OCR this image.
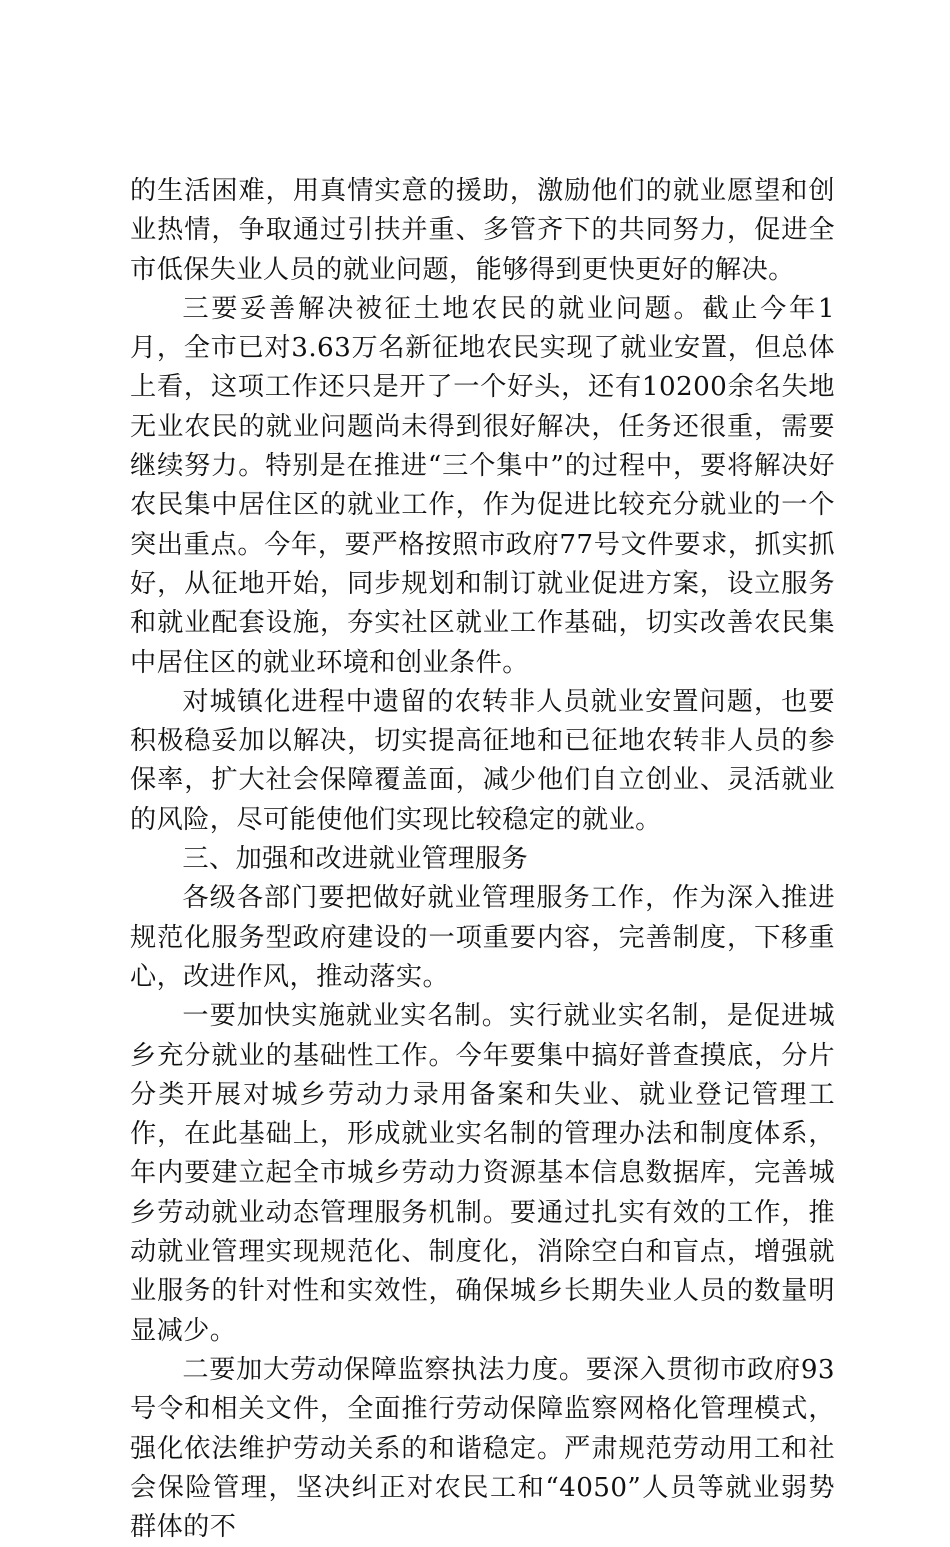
的生活困难，用真情实意的援助，激励他们的就业愿望和创业热情，争取通过引扶并重、多管齐下的共同努力，促进全市低保失业人员的就业问题，能够得到更快更好的解决。

三要妥善解决被征土地农民的就业问题。截止今年1月，全市已对3.63万名新征地农民实现了就业安置，但总体上看，这项工作还只是开了一个好头，还有10200余名失地无业农民的就业问题尚未得到很好解决，任务还很重，需要继续努力。特别是在推进“三个集中”的过程中，要将解决好农民集中居住区的就业工作，作为促进比较充分就业的一个突出重点。今年，要严格按照市政府77号文件要求，抓实抓好，从征地开始，同步规划和制订就业促进方案，设立服务和就业配套设施，夯实社区就业工作基础，切实改善农民集中居住区的就业环境和创业条件。

对城镇化进程中遗留的农转非人员就业安置问题，也要积极稳妥加以解决，切实提高征地和已征地农转非人员的参保率，扩大社会保障覆盖面，减少他们自立创业、灵活就业的风险，尽可能使他们实现比较稳定的就业。

三、加强和改进就业管理服务

各级各部门要把做好就业管理服务工作，作为深入推进规范化服务型政府建设的一项重要内容，完善制度，下移重心，改进作风，推动落实。

一要加快实施就业实名制。实行就业实名制，是促进城乡充分就业的基础性工作。今年要集中搞好普查摸底，分片分类开展对城乡劳动力录用备案和失业、就业登记管理工作，在此基础上，形成就业实名制的管理办法和制度体系，年内要建立起全市城乡劳动力资源基本信息数据库，完善城乡劳动就业动态管理服务机制。要通过扎实有效的工作，推动就业管理实现规范化、制度化，消除空白和盲点，增强就业服务的针对性和实效性，确保城乡长期失业人员的数量明显减少。

二要加大劳动保障监察执法力度。要深入贯彻市政府93号令和相关文件，全面推行劳动保障监察网格化管理模式，强化依法维护劳动关系的和谐稳定。严肃规范劳动用工和社会保险管理，坚决纠正对农民工和“4050”人员等就业弱势群体的不
